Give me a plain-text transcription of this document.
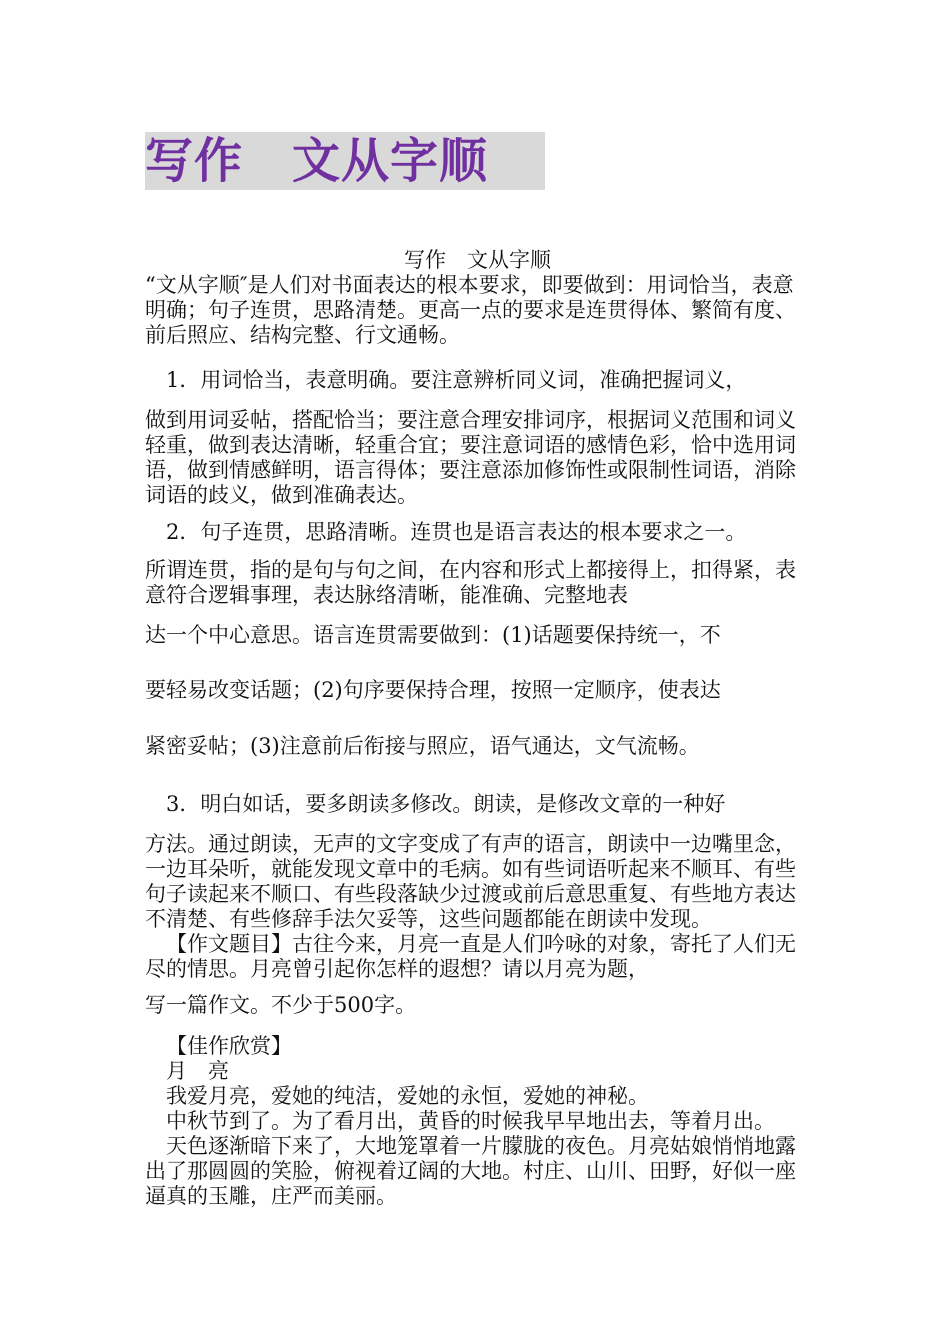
写作　文从字顺

写作　文从字顺

“文从字顺″是人们对书面表达的根本要求，即要做到：用词恰当，表意明确；句子连贯，思路清楚。更高一点的要求是连贯得体、繁简有度、前后照应、结构完整、行文通畅。

1．用词恰当，表意明确。要注意辨析同义词，准确把握词义，

做到用词妥帖，搭配恰当；要注意合理安排词序，根据词义范围和词义轻重，做到表达清晰，轻重合宜；要注意词语的感情色彩，恰中选用词语，做到情感鲜明，语言得体；要注意添加修饰性或限制性词语，消除词语的歧义，做到准确表达。

2．句子连贯，思路清晰。连贯也是语言表达的根本要求之一。

所谓连贯，指的是句与句之间，在内容和形式上都接得上，扣得紧，表意符合逻辑事理，表达脉络清晰，能准确、完整地表

达一个中心意思。语言连贯需要做到：(1)话题要保持统一，不

要轻易改变话题；(2)句序要保持合理，按照一定顺序，使表达

紧密妥帖；(3)注意前后衔接与照应，语气通达，文气流畅。

3．明白如话，要多朗读多修改。朗读，是修改文章的一种好

方法。通过朗读，无声的文字变成了有声的语言，朗读中一边嘴里念，一边耳朵听，就能发现文章中的毛病。如有些词语听起来不顺耳、有些句子读起来不顺口、有些段落缺少过渡或前后意思重复、有些地方表达不清楚、有些修辞手法欠妥等，这些问题都能在朗读中发现。

【作文题目】古往今来，月亮一直是人们吟咏的对象，寄托了人们无尽的情思。月亮曾引起你怎样的遐想？请以月亮为题，

写一篇作文。不少于500字。

【佳作欣赏】

月　亮

我爱月亮，爱她的纯洁，爱她的永恒，爱她的神秘。

中秋节到了。为了看月出，黄昏的时候我早早地出去，等着月出。

天色逐渐暗下来了，大地笼罩着一片朦胧的夜色。月亮姑娘悄悄地露出了那圆圆的笑脸，俯视着辽阔的大地。村庄、山川、田野，好似一座逼真的玉雕，庄严而美丽。
